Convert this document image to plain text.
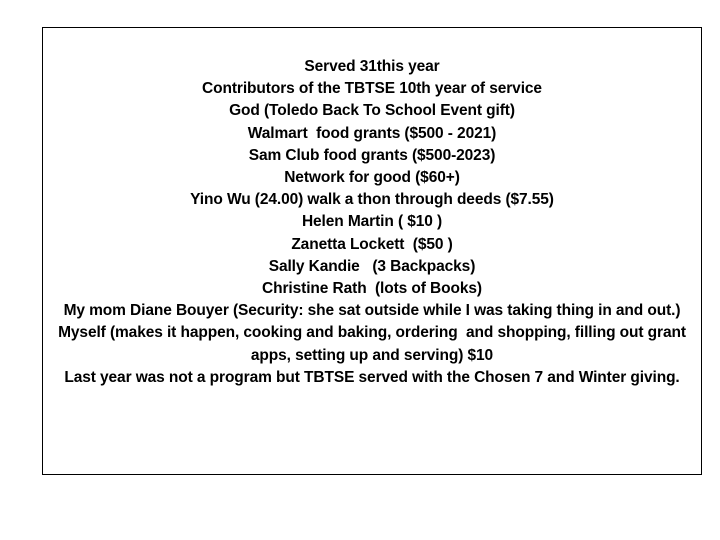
Served 31this year
Contributors of the TBTSE 10th year of service
God (Toledo Back To School Event gift)
Walmart  food grants ($500 - 2021)
Sam Club food grants ($500-2023)
Network for good ($60+)
Yino Wu (24.00) walk a thon through deeds ($7.55)
Helen Martin ( $10 )
Zanetta Lockett  ($50 )
Sally Kandie   (3 Backpacks)
Christine Rath  (lots of Books)
My mom Diane Bouyer (Security: she sat outside while I was taking thing in and out.)
Myself (makes it happen, cooking and baking, ordering  and shopping, filling out grant apps, setting up and serving) $10
Last year was not a program but TBTSE served with the Chosen 7 and Winter giving.
